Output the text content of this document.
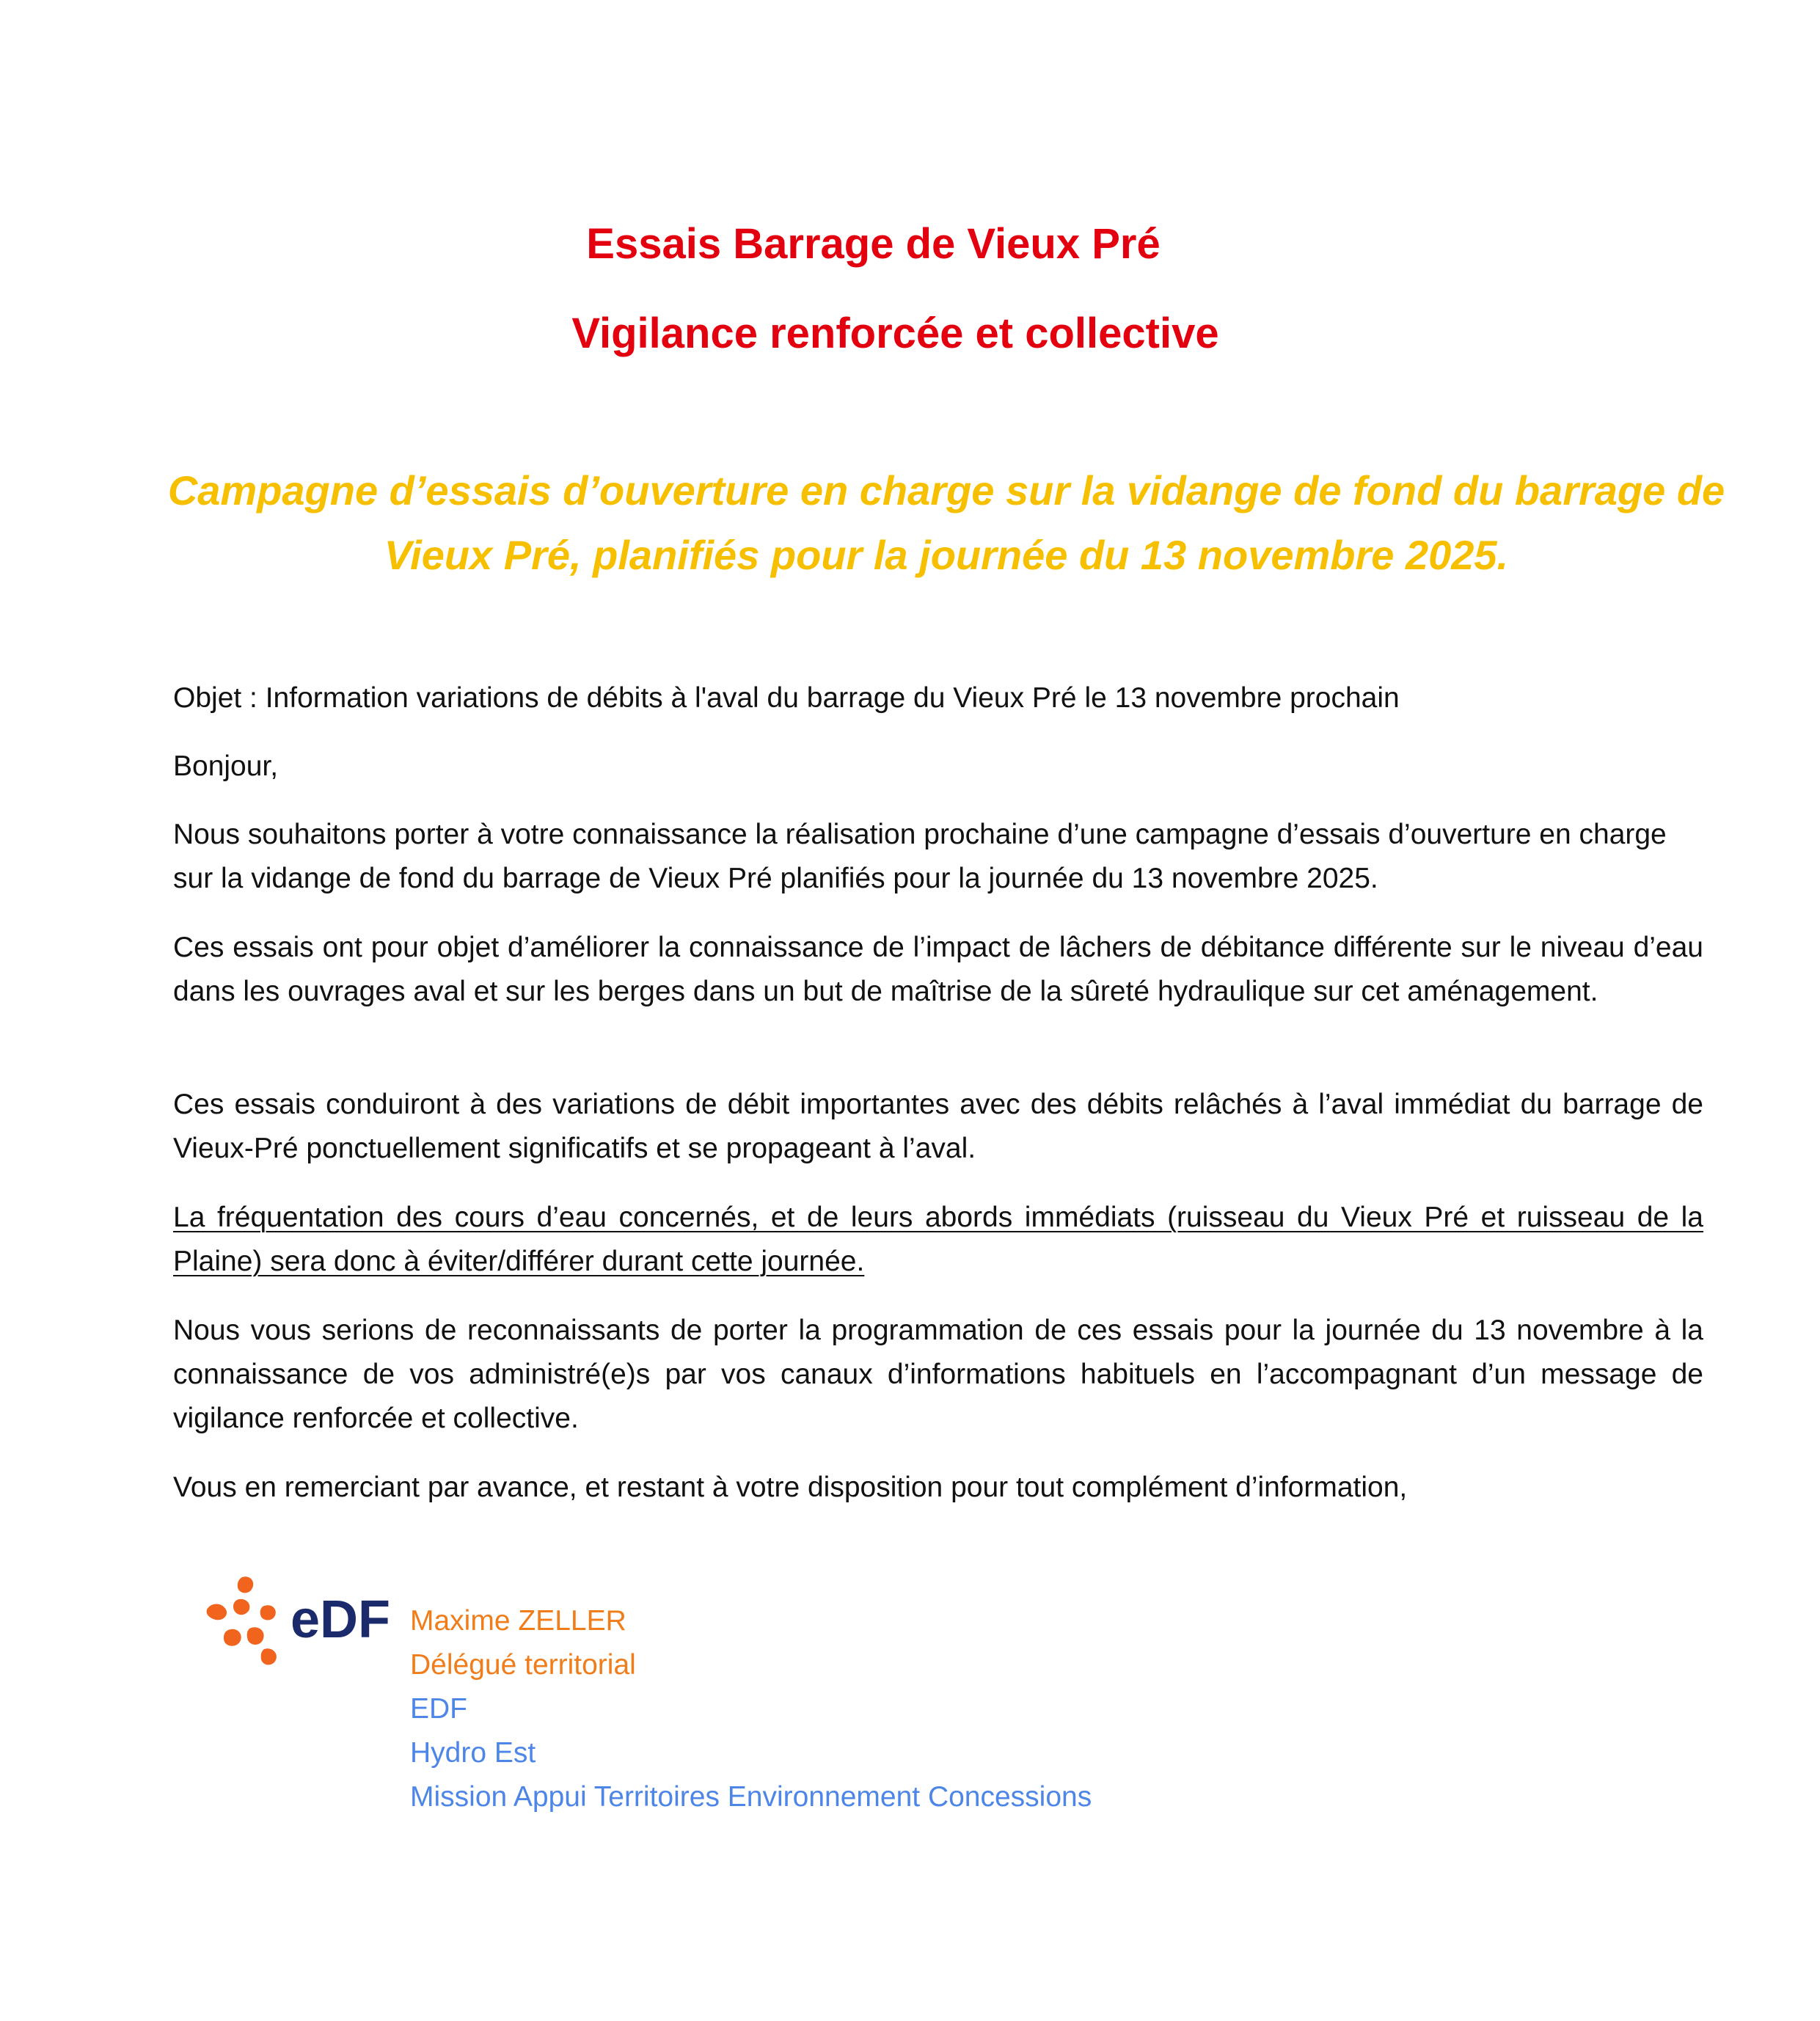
Essais Barrage de Vieux Pré
Vigilance renforcée et collective

Campagne d’essais d’ouverture en charge sur la vidange de fond du barrage de Vieux Pré, planifiés pour la journée du 13 novembre 2025.

Objet : Information variations de débits à l'aval du barrage du Vieux Pré le 13 novembre prochain

Bonjour,

Nous souhaitons porter à votre connaissance la réalisation prochaine d’une campagne d’essais d’ouverture en charge sur la vidange de fond du barrage de Vieux Pré planifiés pour la journée du 13 novembre 2025.

Ces essais ont pour objet d’améliorer la connaissance de l’impact de lâchers de débitance différente sur le niveau d’eau dans les ouvrages aval et sur les berges dans un but de maîtrise de la sûreté hydraulique sur cet aménagement.

Ces essais conduiront à des variations de débit importantes avec des débits relâchés à l’aval immédiat du barrage de Vieux-Pré ponctuellement significatifs et se propageant à l’aval.

La fréquentation des cours d’eau concernés, et de leurs abords immédiats (ruisseau du Vieux Pré et ruisseau de la Plaine) sera donc à éviter/différer durant cette journée.

Nous vous serions de reconnaissants de porter la programmation de ces essais pour la journée du 13 novembre à la connaissance de vos administré(e)s par vos canaux d’informations habituels en l’accompagnant d’un message de vigilance renforcée et collective.

Vous en remerciant par avance, et restant à votre disposition pour tout complément d’information,

eDF Maxime ZELLER
Délégué territorial
EDF
Hydro Est
Mission Appui Territoires Environnement Concessions
